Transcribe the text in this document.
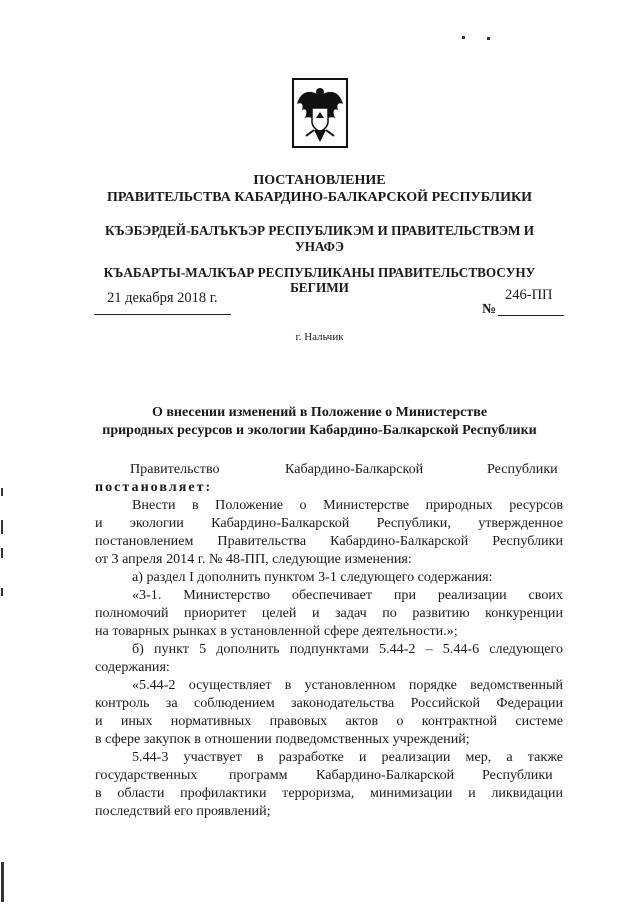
ПОСТАНОВЛЕНИЕ
ПРАВИТЕЛЬСТВА КАБАРДИНО-БАЛКАРСКОЙ РЕСПУБЛИКИ
КЪЭБЭРДЕЙ-БАЛЪКЪЭР РЕСПУБЛИКЭМ И ПРАВИТЕЛЬСТВЭМ И
УНАФЭ
КЪАБАРТЫ-МАЛКЪАР РЕСПУБЛИКАНЫ ПРАВИТЕЛЬСТВОСУНУ
БЕГИМИ
21 декабря 2018 г.	246-ПП
№
г. Нальчик
О внесении изменений в Положение о Министерстве
природных ресурсов и экологии Кабардино-Балкарской Республики
Правительство	Кабардино-Балкарской	Республики
постановляет:
Внести в Положение о Министерстве природных ресурсов
и экологии Кабардино-Балкарской Республики, утвержденное
постановлением Правительства Кабардино-Балкарской Республики
от 3 апреля 2014 г. № 48-ПП, следующие изменения:
а) раздел I дополнить пунктом 3-1 следующего содержания:
«3-1. Министерство обеспечивает при реализации своих
полномочий приоритет целей и задач по развитию конкуренции
на товарных рынках в установленной сфере деятельности.»;
б) пункт 5 дополнить подпунктами 5.44-2 – 5.44-6 следующего
содержания:
«5.44-2 осуществляет в установленном порядке ведомственный
контроль за соблюдением законодательства Российской Федерации
и иных нормативных правовых актов о контрактной системе
в сфере закупок в отношении подведомственных учреждений;
5.44-3 участвует в разработке и реализации мер, а также
государственных программ Кабардино-Балкарской Республики
в области профилактики терроризма, минимизации и ликвидации
последствий его проявлений;
